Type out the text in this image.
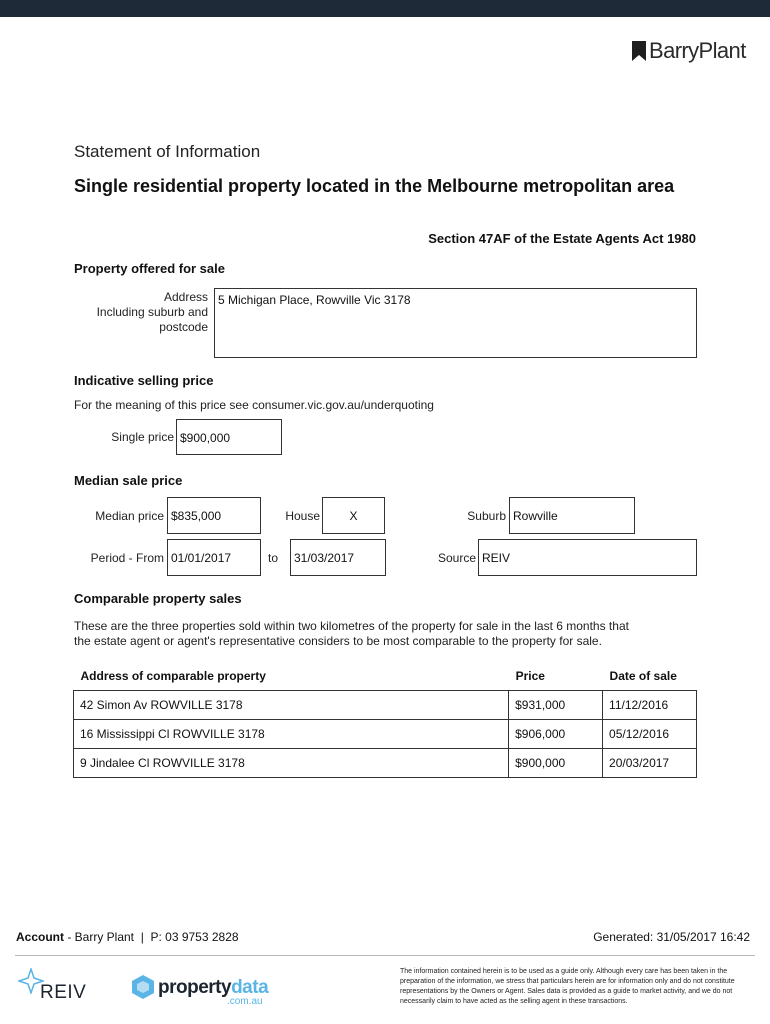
BarryPlant
Statement of Information
Single residential property located in the Melbourne metropolitan area
Section 47AF of the Estate Agents Act 1980
Property offered for sale
Address
Including suburb and
postcode
5 Michigan Place, Rowville Vic 3178
Indicative selling price
For the meaning of this price see consumer.vic.gov.au/underquoting
Single price $900,000
Median sale price
Median price $835,000	House	X	Suburb Rowville
Period - From 01/01/2017	to	31/03/2017	Source REIV
Comparable property sales
These are the three properties sold within two kilometres of the property for sale in the last 6 months that
the estate agent or agent's representative considers to be most comparable to the property for sale.
Address of comparable property	Price	Date of sale
42 Simon Av ROWVILLE 3178	$931,000	11/12/2016
16 Mississippi Cl ROWVILLE 3178	$906,000	05/12/2016
9 Jindalee Cl ROWVILLE 3178	$900,000	20/03/2017
Account - Barry Plant  |  P: 03 9753 2828	Generated: 31/05/2017 16:42
REIV	propertydata
.com.au
The information contained herein is to be used as a guide only. Although every care has been taken in the preparation of the information, we stress that particulars herein are for information only and do not constitute representations by the Owners or Agent. Sales data is provided as a guide to market activity, and we do not necessarily claim to have acted as the selling agent in these transactions.
